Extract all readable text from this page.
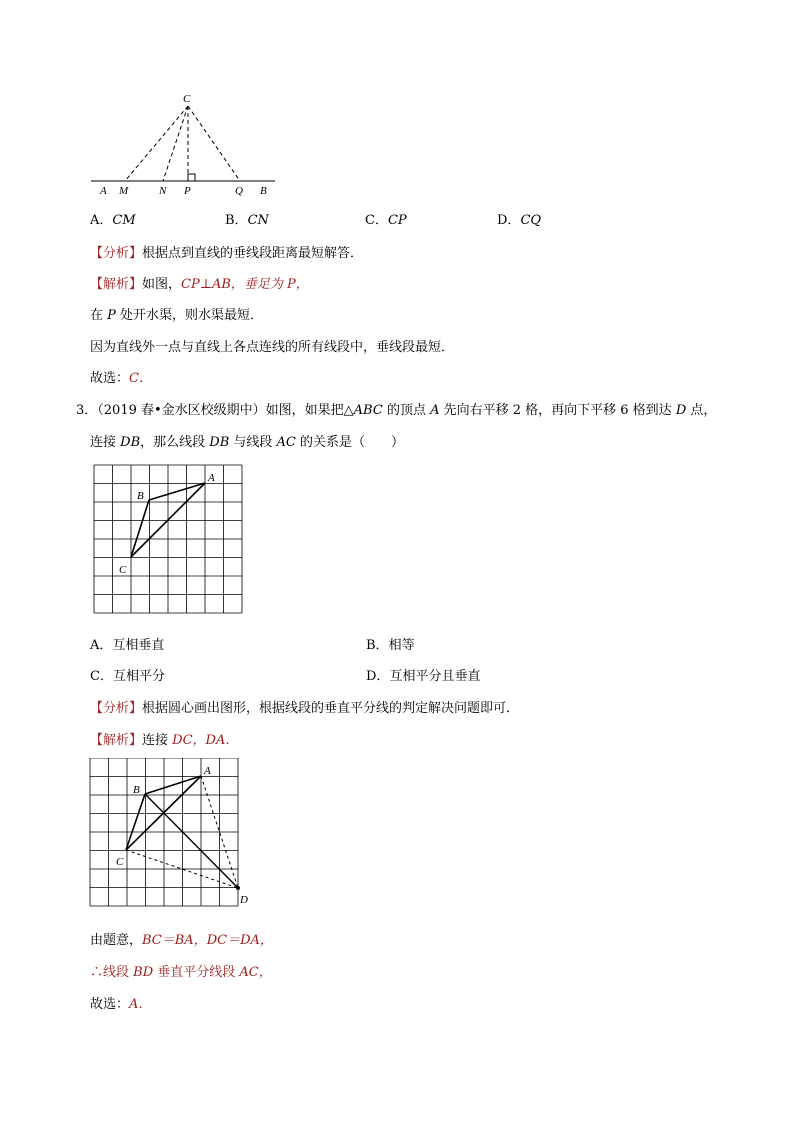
C
A M	N P	Q B
A．CM	B．CN	C．CP	D．CQ
【分析】根据点到直线的垂线段距离最短解答．
【解析】如图，CP⊥AB，垂足为 P，
在 P 处开水渠，则水渠最短．
因为直线外一点与直线上各点连线的所有线段中，垂线段最短．
故选：C．
3．（2019 春•金水区校级期中）如图，如果把△ABC 的顶点 A 先向右平移 2 格，再向下平移 6 格到达 D 点，
连接 DB，那么线段 DB 与线段 AC 的关系是（　　）
A
B
C
A．互相垂直	B．相等
C．互相平分	D．互相平分且垂直
【分析】根据圆心画出图形，根据线段的垂直平分线的判定解决问题即可．
【解析】连接 DC，DA．
A
B
C
D
由题意，BC＝BA，DC＝DA，
∴线段 BD 垂直平分线段 AC，
故选：A．
